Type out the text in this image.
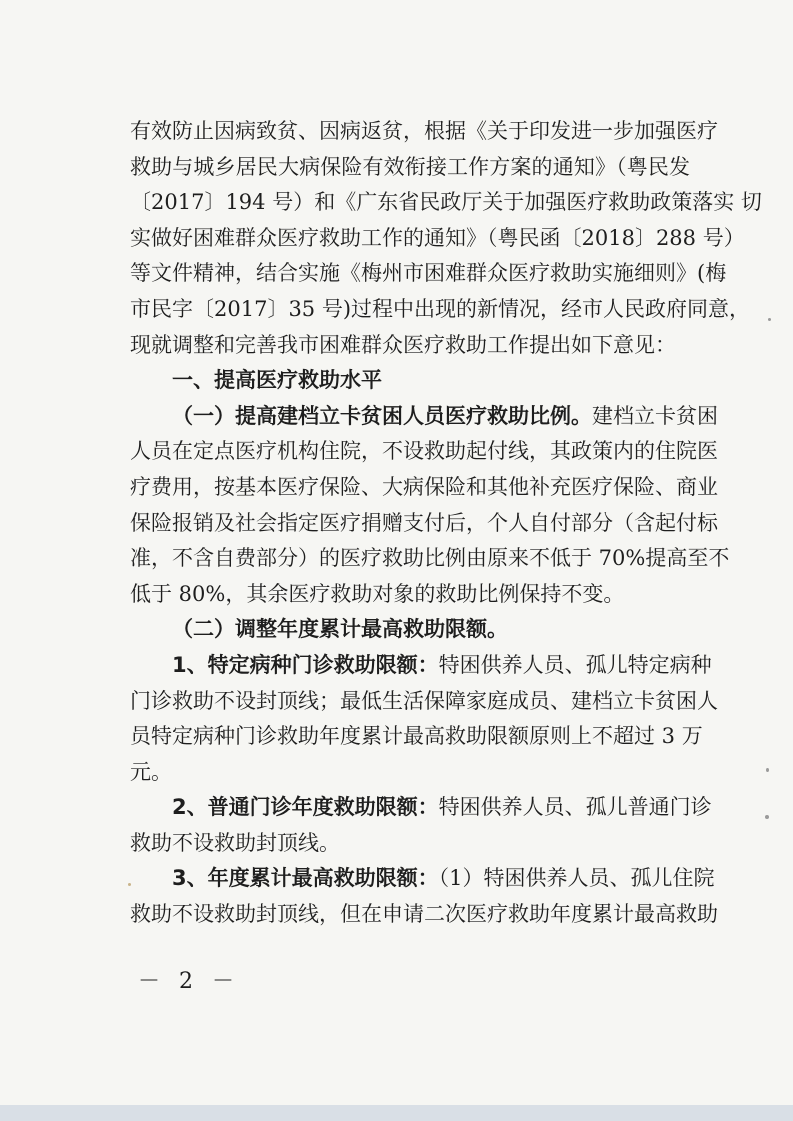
有效防止因病致贫、因病返贫，根据《关于印发进一步加强医疗
救助与城乡居民大病保险有效衔接工作方案的通知》（粤民发
〔2017〕194 号）和《广东省民政厅关于加强医疗救助政策落实 切
实做好困难群众医疗救助工作的通知》（粤民函〔2018〕288 号）
等文件精神，结合实施《梅州市困难群众医疗救助实施细则》(梅
市民字〔2017〕35 号)过程中出现的新情况，经市人民政府同意，
现就调整和完善我市困难群众医疗救助工作提出如下意见：
一、提高医疗救助水平
（一）提高建档立卡贫困人员医疗救助比例。建档立卡贫困
人员在定点医疗机构住院，不设救助起付线，其政策内的住院医
疗费用，按基本医疗保险、大病保险和其他补充医疗保险、商业
保险报销及社会指定医疗捐赠支付后，个人自付部分（含起付标
准，不含自费部分）的医疗救助比例由原来不低于 70%提高至不
低于 80%，其余医疗救助对象的救助比例保持不变。
（二）调整年度累计最高救助限额。
1、特定病种门诊救助限额：特困供养人员、孤儿特定病种
门诊救助不设封顶线；最低生活保障家庭成员、建档立卡贫困人
员特定病种门诊救助年度累计最高救助限额原则上不超过 3 万
元。
2、普通门诊年度救助限额：特困供养人员、孤儿普通门诊
救助不设救助封顶线。
3、年度累计最高救助限额：（1）特困供养人员、孤儿住院
救助不设救助封顶线，但在申请二次医疗救助年度累计最高救助
－ 2 －
